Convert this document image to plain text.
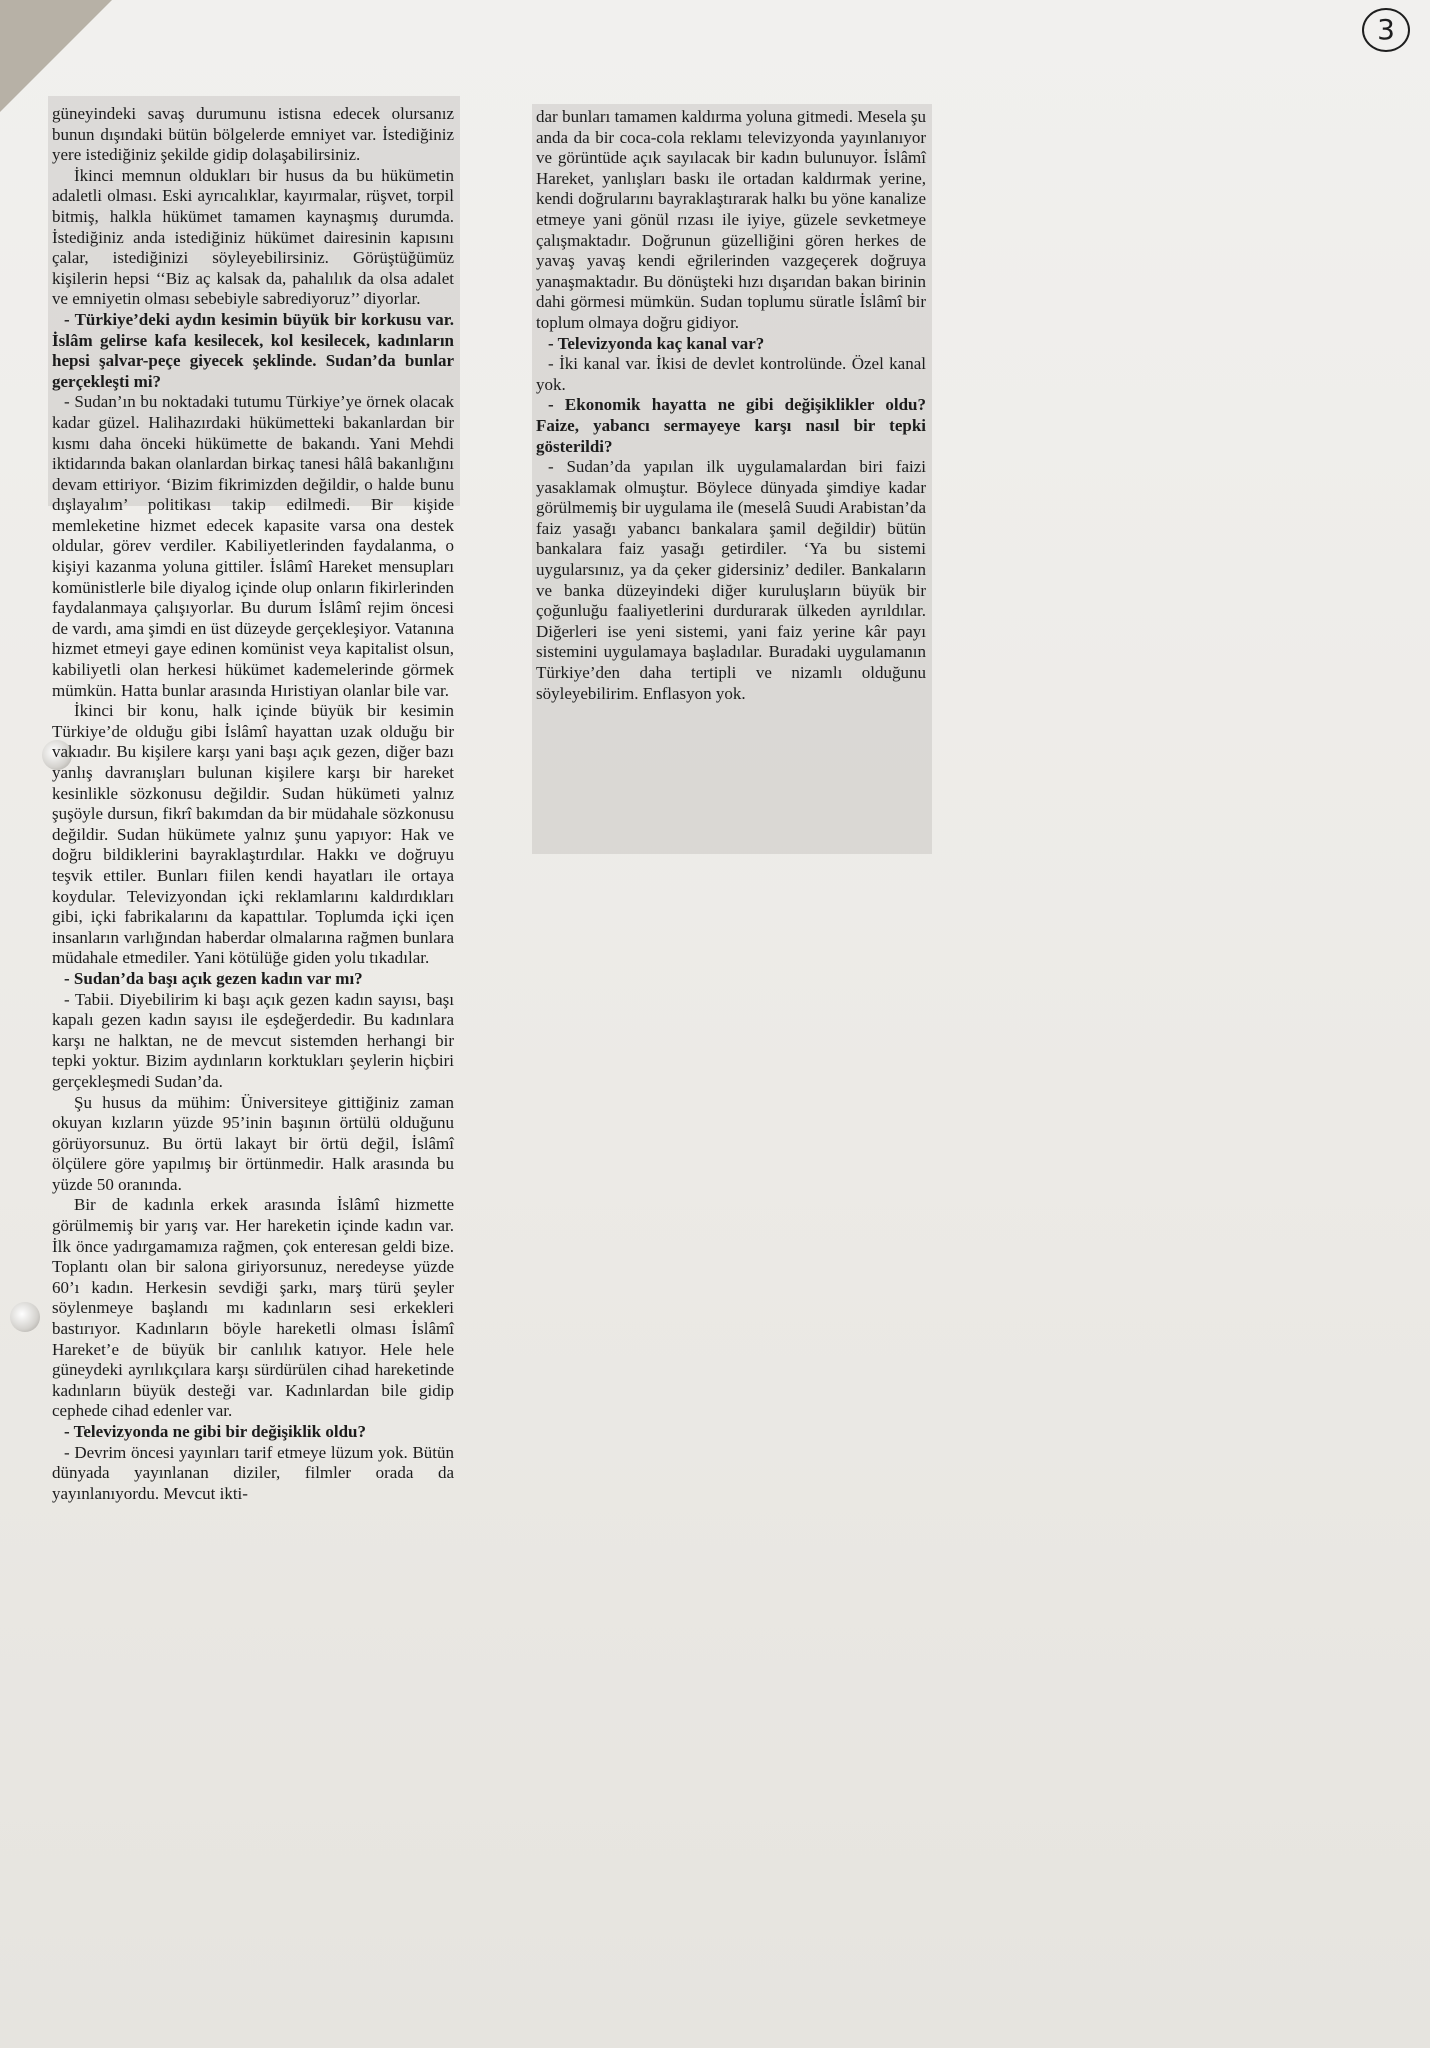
3

güneyindeki savaş durumunu istisna edecek olursanız bunun dışındaki bütün bölgelerde emniyet var. İstediğiniz yere istediğiniz şekilde gidip dolaşabilirsiniz.

İkinci memnun oldukları bir husus da bu hükümetin adaletli olması. Eski ayrıcalıklar, kayırmalar, rüşvet, torpil bitmiş, halkla hükümet tamamen kaynaşmış durumda. İstediğiniz anda istediğiniz hükümet dairesinin kapısını çalar, istediğinizi söyleyebilirsiniz. Görüştüğümüz kişilerin hepsi ‘‘Biz aç kalsak da, pahalılık da olsa adalet ve emniyetin olması sebebiyle sabrediyoruz’’ diyorlar.

- Türkiye’deki aydın kesimin büyük bir korkusu var. İslâm gelirse kafa kesilecek, kol kesilecek, kadınların hepsi şalvar-peçe giyecek şeklinde. Sudan’da bunlar gerçekleşti mi?

- Sudan’ın bu noktadaki tutumu Türkiye’ye örnek olacak kadar güzel. Halihazırdaki hükümetteki bakanlardan bir kısmı daha önceki hükümette de bakandı. Yani Mehdi iktidarında bakan olanlardan birkaç tanesi hâlâ bakanlığını devam ettiriyor. ‘Bizim fikrimizden değildir, o halde bunu dışlayalım’ politikası takip edilmedi. Bir kişide memleketine hizmet edecek kapasite varsa ona destek oldular, görev verdiler. Kabiliyetlerinden faydalanma, o kişiyi kazanma yoluna gittiler. İslâmî Hareket mensupları komünistlerle bile diyalog içinde olup onların fikirlerinden faydalanmaya çalışıyorlar. Bu durum İslâmî rejim öncesi de vardı, ama şimdi en üst düzeyde gerçekleşiyor. Vatanına hizmet etmeyi gaye edinen komünist veya kapitalist olsun, kabiliyetli olan herkesi hükümet kademelerinde görmek mümkün. Hatta bunlar arasında Hıristiyan olanlar bile var.

İkinci bir konu, halk içinde büyük bir kesimin Türkiye’de olduğu gibi İslâmî hayattan uzak olduğu bir vakıadır. Bu kişilere karşı yani başı açık gezen, diğer bazı yanlış davranışları bulunan kişilere karşı bir hareket kesinlikle sözkonusu değildir. Sudan hükümeti yalnız şuşöyle dursun, fikrî bakımdan da bir müdahale sözkonusu değildir. Sudan hükümete yalnız şunu yapıyor: Hak ve doğru bildiklerini bayraklaştırdılar. Hakkı ve doğruyu teşvik ettiler. Bunları fiilen kendi hayatları ile ortaya koydular. Televizyondan içki reklamlarını kaldırdıkları gibi, içki fabrikalarını da kapattılar. Toplumda içki içen insanların varlığından haberdar olmalarına rağmen bunlara müdahale etmediler. Yani kötülüğe giden yolu tıkadılar.

- Sudan’da başı açık gezen kadın var mı?

- Tabii. Diyebilirim ki başı açık gezen kadın sayısı, başı kapalı gezen kadın sayısı ile eşdeğerdedir. Bu kadınlara karşı ne halktan, ne de mevcut sistemden herhangi bir tepki yoktur. Bizim aydınların korktukları şeylerin hiçbiri gerçekleşmedi Sudan’da.

Şu husus da mühim: Üniversiteye gittiğiniz zaman okuyan kızların yüzde 95’inin başının örtülü olduğunu görüyorsunuz. Bu örtü lakayt bir örtü değil, İslâmî ölçülere göre yapılmış bir örtünmedir. Halk arasında bu yüzde 50 oranında.

Bir de kadınla erkek arasında İslâmî hizmette görülmemiş bir yarış var. Her hareketin içinde kadın var. İlk önce yadırgamamıza rağmen, çok enteresan geldi bize. Toplantı olan bir salona giriyorsunuz, neredeyse yüzde 60’ı kadın. Herkesin sevdiği şarkı, marş türü şeyler söylenmeye başlandı mı kadınların sesi erkekleri bastırıyor. Kadınların böyle hareketli olması İslâmî Hareket’e de büyük bir canlılık katıyor. Hele hele güneydeki ayrılıkçılara karşı sürdürülen cihad hareketinde kadınların büyük desteği var. Kadınlardan bile gidip cephede cihad edenler var.

- Televizyonda ne gibi bir değişiklik oldu?

- Devrim öncesi yayınları tarif etmeye lüzum yok. Bütün dünyada yayınlanan diziler, filmler orada da yayınlanıyordu. Mevcut ikti-

dar bunları tamamen kaldırma yoluna gitmedi. Mesela şu anda da bir coca-cola reklamı televizyonda yayınlanıyor ve görüntüde açık sayılacak bir kadın bulunuyor. İslâmî Hareket, yanlışları baskı ile ortadan kaldırmak yerine, kendi doğrularını bayraklaştırarak halkı bu yöne kanalize etmeye yani gönül rızası ile iyiye, güzele sevketmeye çalışmaktadır. Doğrunun güzelliğini gören herkes de yavaş yavaş kendi eğrilerinden vazgeçerek doğruya yanaşmaktadır. Bu dönüşteki hızı dışarıdan bakan birinin dahi görmesi mümkün. Sudan toplumu süratle İslâmî bir toplum olmaya doğru gidiyor.

- Televizyonda kaç kanal var?

- İki kanal var. İkisi de devlet kontrolünde. Özel kanal yok.

- Ekonomik hayatta ne gibi değişiklikler oldu? Faize, yabancı sermayeye karşı nasıl bir tepki gösterildi?

- Sudan’da yapılan ilk uygulamalardan biri faizi yasaklamak olmuştur. Böylece dünyada şimdiye kadar görülmemiş bir uygulama ile (meselâ Suudi Arabistan’da faiz yasağı yabancı bankalara şamil değildir) bütün bankalara faiz yasağı getirdiler. ‘Ya bu sistemi uygularsınız, ya da çeker gidersiniz’ dediler. Bankaların ve banka düzeyindeki diğer kuruluşların büyük bir çoğunluğu faaliyetlerini durdurarak ülkeden ayrıldılar. Diğerleri ise yeni sistemi, yani faiz yerine kâr payı sistemini uygulamaya başladılar. Buradaki uygulamanın Türkiye’den daha tertipli ve nizamlı olduğunu söyleyebilirim. Enflasyon yok.
